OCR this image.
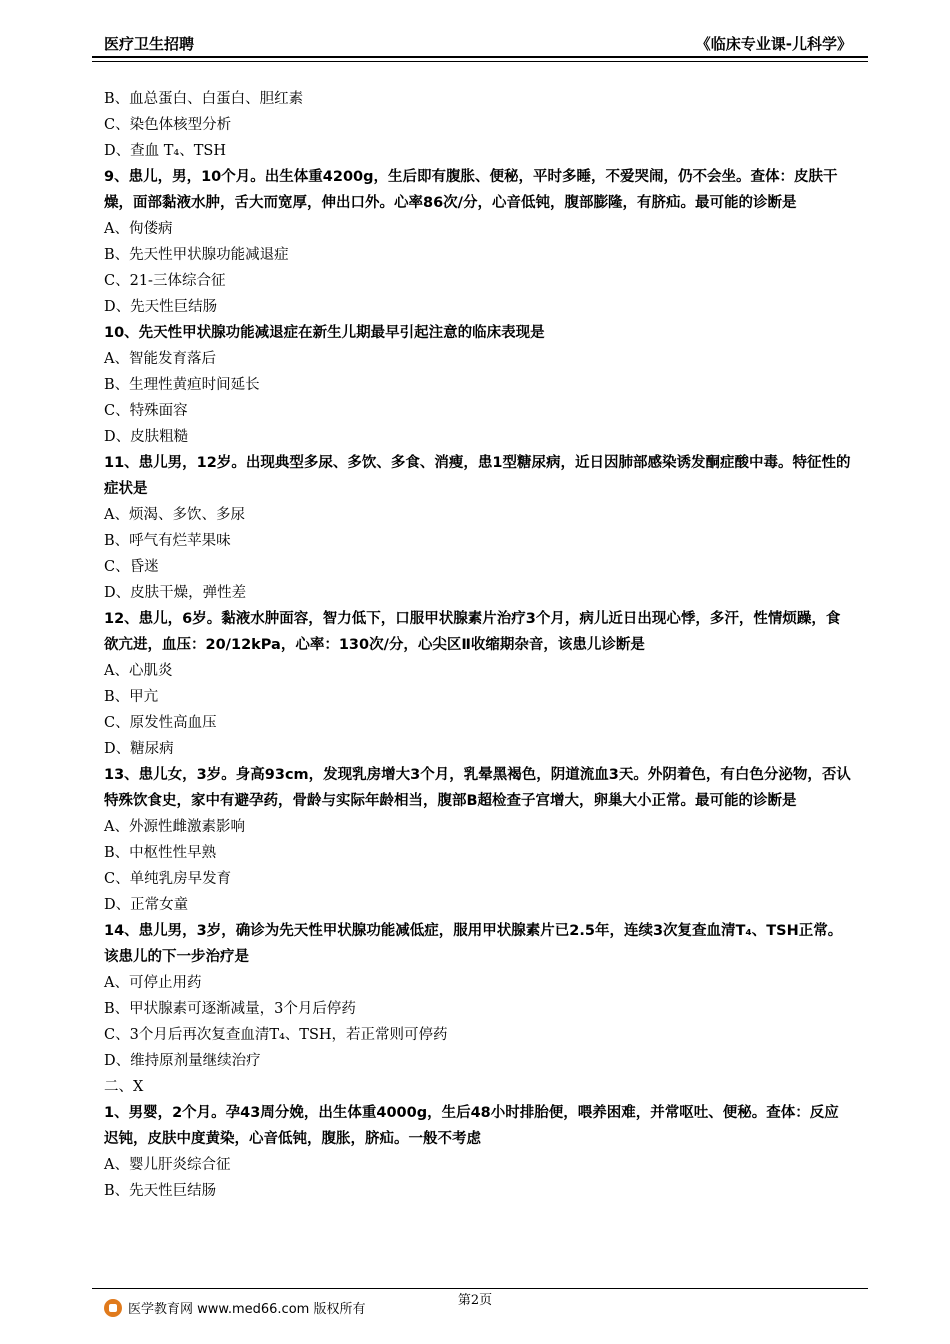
医疗卫生招聘	《临床专业课-儿科学》
B、血总蛋白、白蛋白、胆红素
C、染色体核型分析
D、查血 T₄、TSH
9、患儿，男，10个月。出生体重4200g，生后即有腹胀、便秘，平时多睡，不爱哭闹，仍不会坐。查体：皮肤干燥，面部黏液水肿，舌大而宽厚，伸出口外。心率86次/分，心音低钝，腹部膨隆，有脐疝。最可能的诊断是
A、佝偻病
B、先天性甲状腺功能减退症
C、21-三体综合征
D、先天性巨结肠
10、先天性甲状腺功能减退症在新生儿期最早引起注意的临床表现是
A、智能发育落后
B、生理性黄疸时间延长
C、特殊面容
D、皮肤粗糙
11、患儿男，12岁。出现典型多尿、多饮、多食、消瘦，患1型糖尿病，近日因肺部感染诱发酮症酸中毒。特征性的症状是
A、烦渴、多饮、多尿
B、呼气有烂苹果味
C、昏迷
D、皮肤干燥，弹性差
12、患儿，6岁。黏液水肿面容，智力低下，口服甲状腺素片治疗3个月，病儿近日出现心悸，多汗，性情烦躁，食欲亢进，血压：20/12kPa，心率：130次/分，心尖区Ⅱ收缩期杂音，该患儿诊断是
A、心肌炎
B、甲亢
C、原发性高血压
D、糖尿病
13、患儿女，3岁。身高93cm，发现乳房增大3个月，乳晕黑褐色，阴道流血3天。外阴着色，有白色分泌物，否认特殊饮食史，家中有避孕药，骨龄与实际年龄相当，腹部B超检查子宫增大，卵巢大小正常。最可能的诊断是
A、外源性雌激素影响
B、中枢性性早熟
C、单纯乳房早发育
D、正常女童
14、患儿男，3岁，确诊为先天性甲状腺功能减低症，服用甲状腺素片已2.5年，连续3次复查血清T₄、TSH正常。该患儿的下一步治疗是
A、可停止用药
B、甲状腺素可逐渐减量，3个月后停药
C、3个月后再次复查血清T₄、TSH，若正常则可停药
D、维持原剂量继续治疗
二、X
1、男婴，2个月。孕43周分娩，出生体重4000g，生后48小时排胎便，喂养困难，并常呕吐、便秘。查体：反应迟钝，皮肤中度黄染，心音低钝，腹胀，脐疝。一般不考虑
A、婴儿肝炎综合征
B、先天性巨结肠
第2页
医学教育网 www.med66.com 版权所有
